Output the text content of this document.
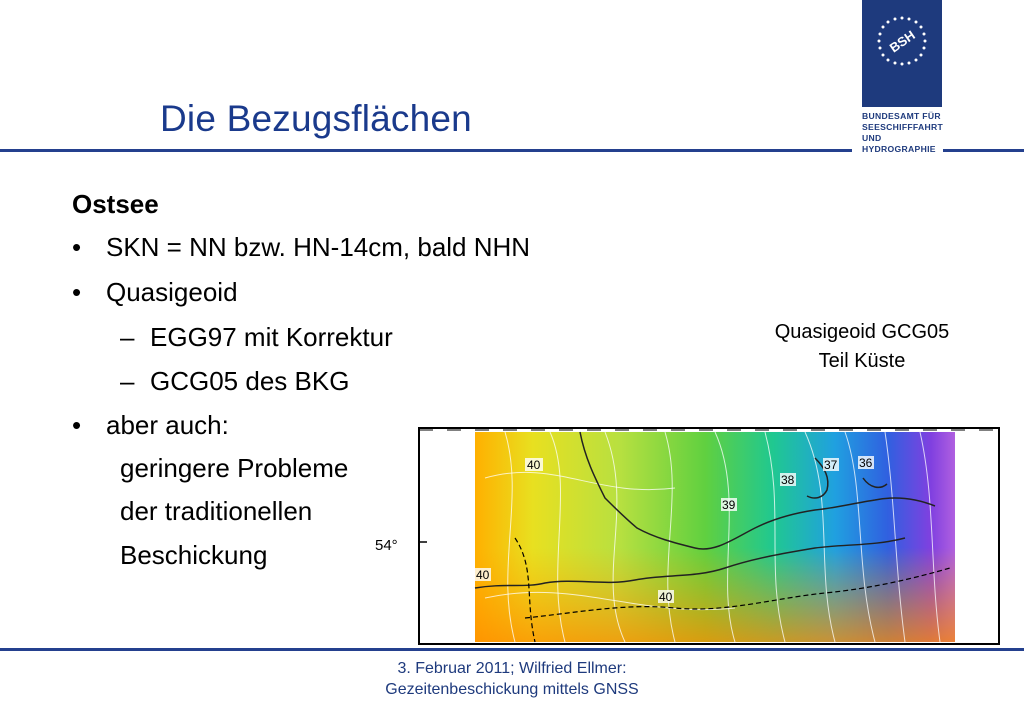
BSH
BUNDESAMT FÜR
SEESCHIFFFAHRT
UND
HYDROGRAPHIE
Die Bezugsflächen
Ostsee
• SKN = NN bzw. HN-14cm, bald NHN
• Quasigeoid
– EGG97 mit Korrektur
– GCG05 des BKG
• aber auch:
geringere Probleme
der traditionellen
Beschickung
Quasigeoid GCG05
Teil Küste
40
38
37 36
39
40
40
54°
3. Februar 2011; Wilfried Ellmer:
Gezeitenbeschickung mittels GNSS
